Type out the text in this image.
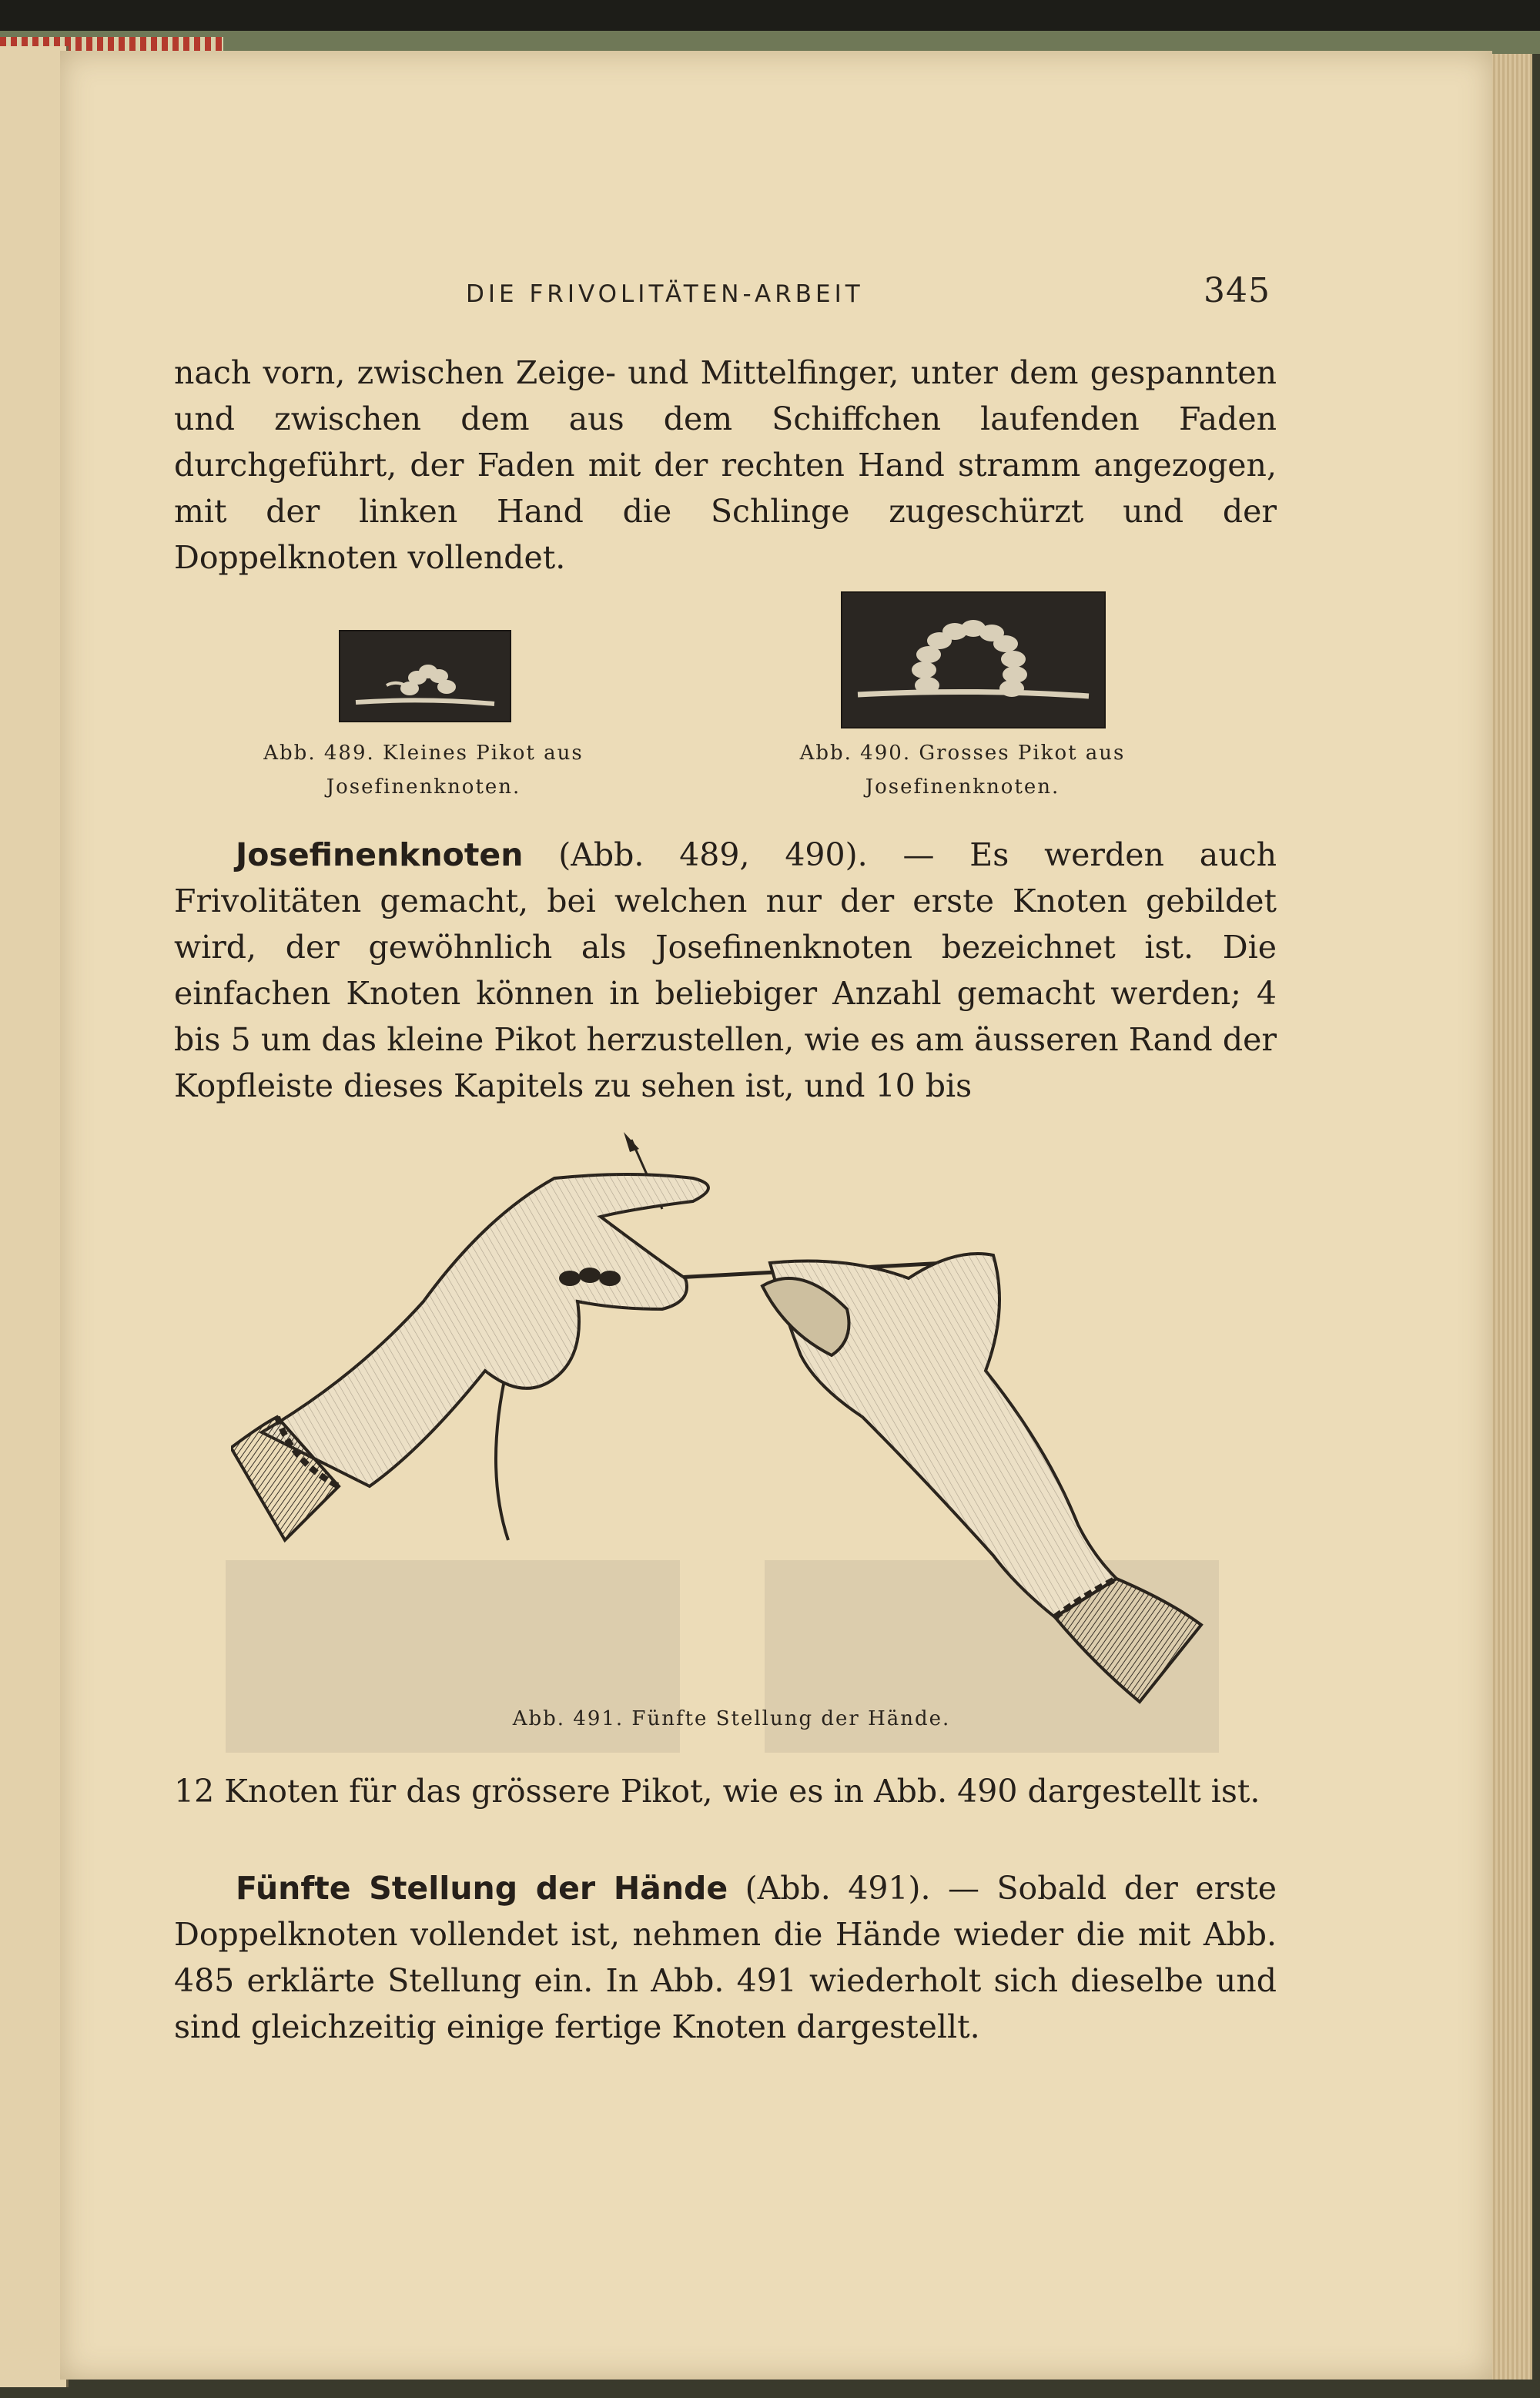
DIE FRIVOLITÄTEN-ARBEIT	345
nach vorn, zwischen Zeige- und Mittelfinger, unter dem gespannten und zwischen dem aus dem Schiffchen laufenden Faden durchgeführt, der Faden mit der rechten Hand stramm angezogen, mit der linken Hand die Schlinge zugeschürzt und der Doppelknoten vollendet.
Abb. 489. Kleines Pikot aus
Josefinenknoten.
Abb. 490. Grosses Pikot aus
Josefinenknoten.
Josefinenknoten (Abb. 489, 490). — Es werden auch Frivolitäten gemacht, bei welchen nur der erste Knoten gebildet wird, der gewöhnlich als Josefinenknoten bezeichnet ist. Die einfachen Knoten können in beliebiger Anzahl gemacht werden; 4 bis 5 um das kleine Pikot herzustellen, wie es am äusseren Rand der Kopfleiste dieses Kapitels zu sehen ist, und 10 bis
Abb. 491. Fünfte Stellung der Hände.
12 Knoten für das grössere Pikot, wie es in Abb. 490 dargestellt ist.
Fünfte Stellung der Hände (Abb. 491). — Sobald der erste Doppelknoten vollendet ist, nehmen die Hände wieder die mit Abb. 485 erklärte Stellung ein. In Abb. 491 wiederholt sich dieselbe und sind gleichzeitig einige fertige Knoten dargestellt.
